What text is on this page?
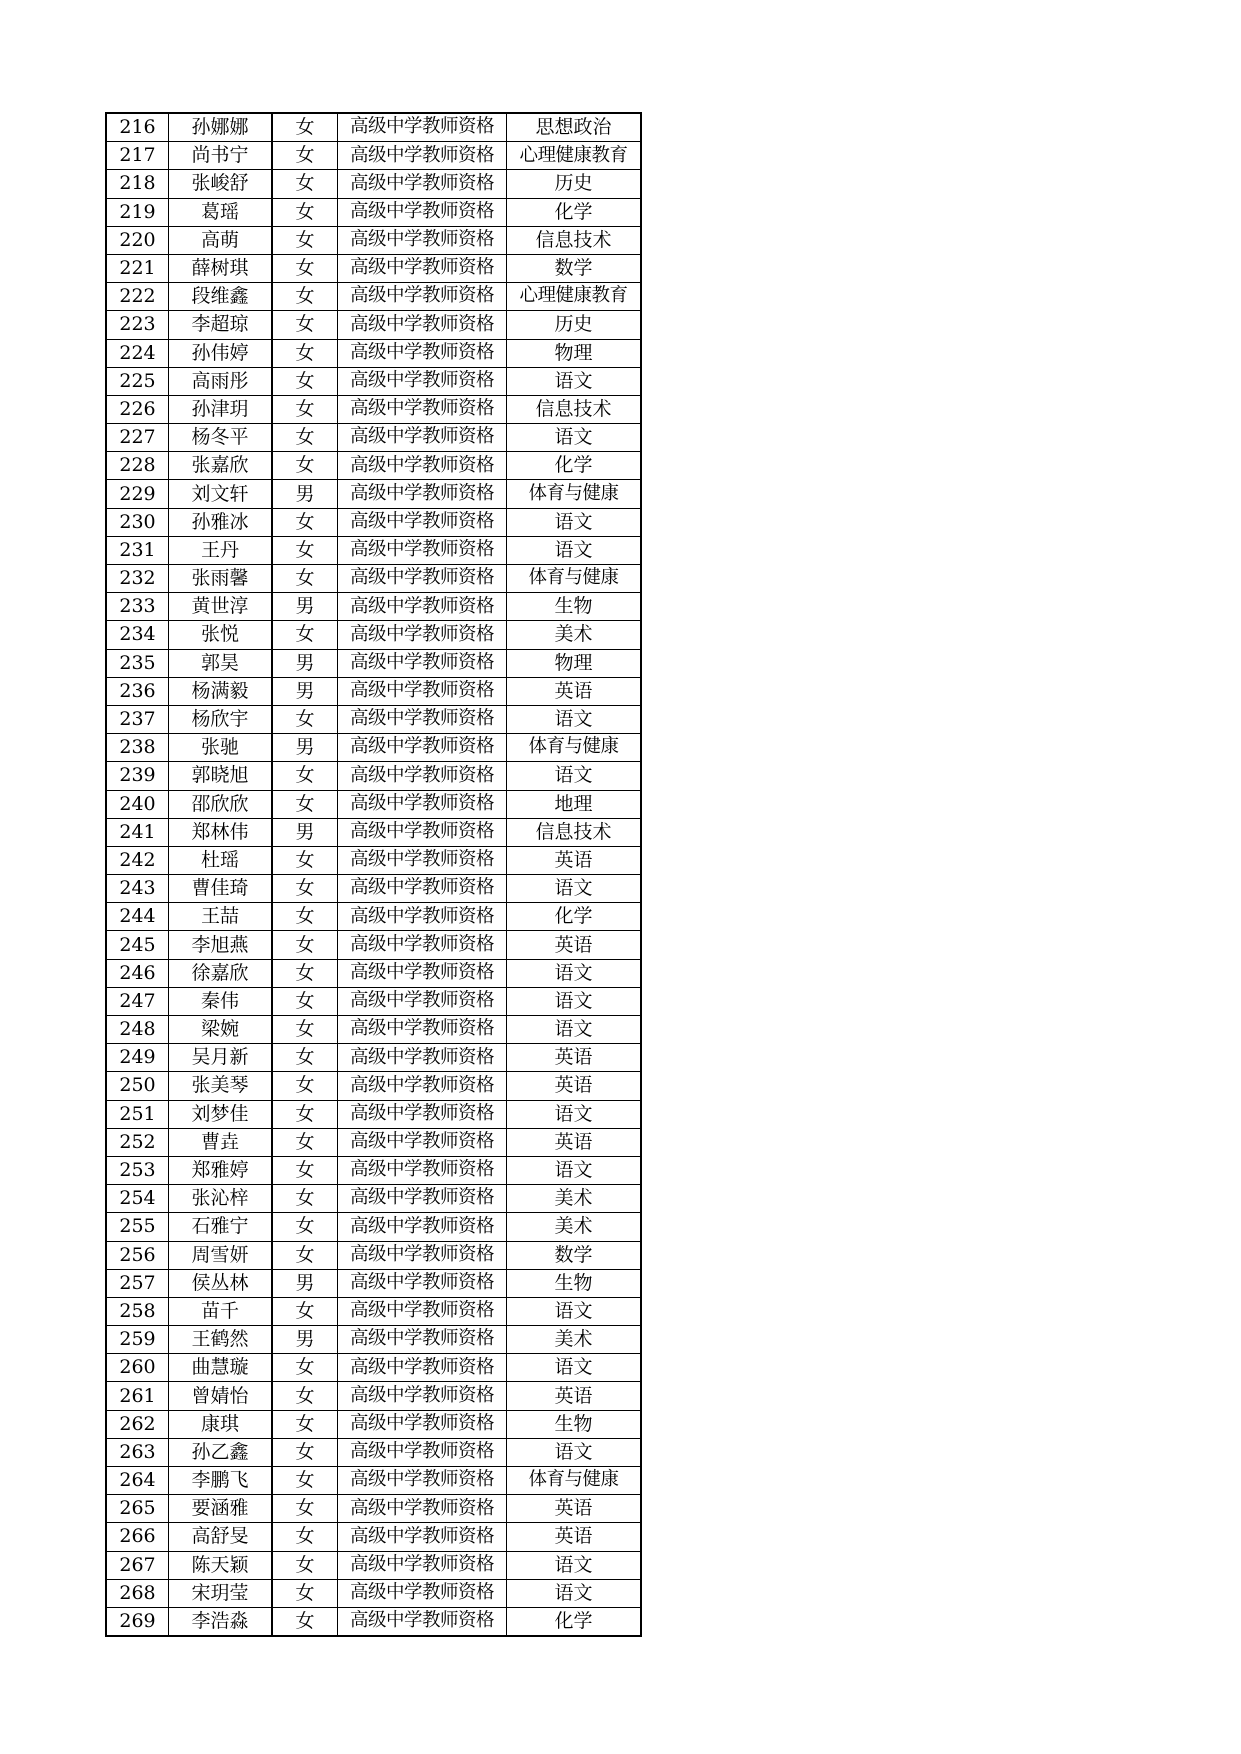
216	孙娜娜	女	高级中学教师资格	思想政治
217	尚书宁	女	高级中学教师资格	心理健康教育
218	张峻舒	女	高级中学教师资格	历史
219	葛瑶	女	高级中学教师资格	化学
220	高萌	女	高级中学教师资格	信息技术
221	薛树琪	女	高级中学教师资格	数学
222	段维鑫	女	高级中学教师资格	心理健康教育
223	李超琼	女	高级中学教师资格	历史
224	孙伟婷	女	高级中学教师资格	物理
225	高雨彤	女	高级中学教师资格	语文
226	孙津玥	女	高级中学教师资格	信息技术
227	杨冬平	女	高级中学教师资格	语文
228	张嘉欣	女	高级中学教师资格	化学
229	刘文轩	男	高级中学教师资格	体育与健康
230	孙雅冰	女	高级中学教师资格	语文
231	王丹	女	高级中学教师资格	语文
232	张雨馨	女	高级中学教师资格	体育与健康
233	黄世淳	男	高级中学教师资格	生物
234	张悦	女	高级中学教师资格	美术
235	郭昊	男	高级中学教师资格	物理
236	杨满毅	男	高级中学教师资格	英语
237	杨欣宇	女	高级中学教师资格	语文
238	张驰	男	高级中学教师资格	体育与健康
239	郭晓旭	女	高级中学教师资格	语文
240	邵欣欣	女	高级中学教师资格	地理
241	郑林伟	男	高级中学教师资格	信息技术
242	杜瑶	女	高级中学教师资格	英语
243	曹佳琦	女	高级中学教师资格	语文
244	王喆	女	高级中学教师资格	化学
245	李旭燕	女	高级中学教师资格	英语
246	徐嘉欣	女	高级中学教师资格	语文
247	秦伟	女	高级中学教师资格	语文
248	梁婉	女	高级中学教师资格	语文
249	吴月新	女	高级中学教师资格	英语
250	张美琴	女	高级中学教师资格	英语
251	刘梦佳	女	高级中学教师资格	语文
252	曹垚	女	高级中学教师资格	英语
253	郑雅婷	女	高级中学教师资格	语文
254	张沁梓	女	高级中学教师资格	美术
255	石雅宁	女	高级中学教师资格	美术
256	周雪妍	女	高级中学教师资格	数学
257	侯丛林	男	高级中学教师资格	生物
258	苗千	女	高级中学教师资格	语文
259	王鹤然	男	高级中学教师资格	美术
260	曲慧璇	女	高级中学教师资格	语文
261	曾婧怡	女	高级中学教师资格	英语
262	康琪	女	高级中学教师资格	生物
263	孙乙鑫	女	高级中学教师资格	语文
264	李鹏飞	女	高级中学教师资格	体育与健康
265	要涵雅	女	高级中学教师资格	英语
266	高舒旻	女	高级中学教师资格	英语
267	陈天颖	女	高级中学教师资格	语文
268	宋玥莹	女	高级中学教师资格	语文
269	李浩淼	女	高级中学教师资格	化学
